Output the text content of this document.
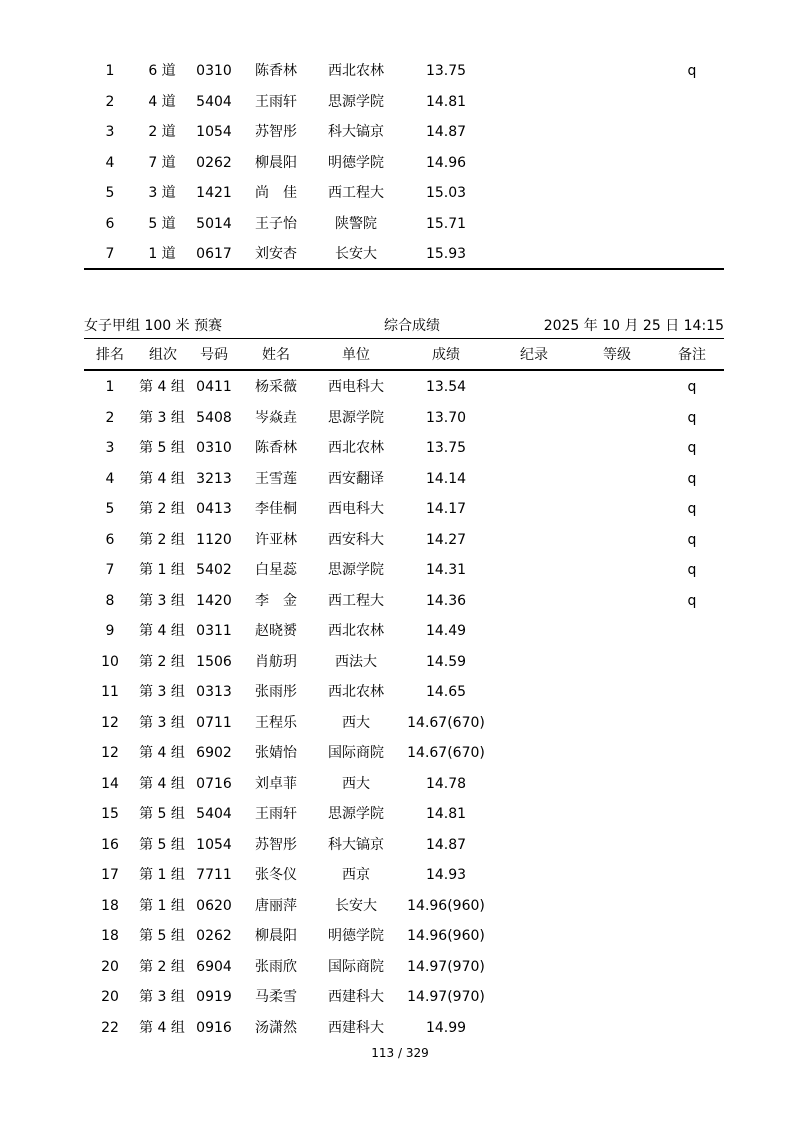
1 6 道 0310 陈香林 西北农林	13.75	q
2 4 道 5404 王雨轩 思源学院	14.81
3 2 道 1054 苏智彤 科大镐京	14.87
4 7 道 0262 柳晨阳 明德学院	14.96
5 3 道 1421 尚　佳 西工程大	15.03
6 5 道 5014 王子怡	陕警院	15.71
7 1 道 0617 刘安杏	长安大	15.93
女子甲组 100 米 预赛	综合成绩	2025 年 10 月 25 日 14:15
排名 组次 号码 姓名	单位	成绩	纪录	等级	备注
1 第 4 组 0411 杨采薇 西电科大	13.54	q
2 第 3 组 5408 岑焱垚 思源学院	13.70	q
3 第 5 组 0310 陈香林 西北农林	13.75	q
4 第 4 组 3213 王雪莲 西安翻译	14.14	q
5 第 2 组 0413 李佳桐 西电科大	14.17	q
6 第 2 组 1120 许亚林 西安科大	14.27	q
7 第 1 组 5402 白星蕊 思源学院	14.31	q
8 第 3 组 1420 李　金 西工程大	14.36	q
9 第 4 组 0311 赵晓赟 西北农林	14.49
10 第 2 组 1506 肖舫玥	西法大	14.59
11 第 3 组 0313 张雨彤 西北农林	14.65
12 第 3 组 0711 王程乐	西大	14.67(670)
12 第 4 组 6902 张婧怡 国际商院 14.67(670)
14 第 4 组 0716 刘卓菲	西大	14.78
15 第 5 组 5404 王雨轩 思源学院	14.81
16 第 5 组 1054 苏智彤 科大镐京	14.87
17 第 1 组 7711 张冬仪	西京	14.93
18 第 1 组 0620 唐丽萍	长安大 14.96(960)
18 第 5 组 0262 柳晨阳 明德学院 14.96(960)
20 第 2 组 6904 张雨欣 国际商院 14.97(970)
20 第 3 组 0919 马柔雪 西建科大 14.97(970)
22 第 4 组 0916 汤潇然 西建科大	14.99
113 / 329
